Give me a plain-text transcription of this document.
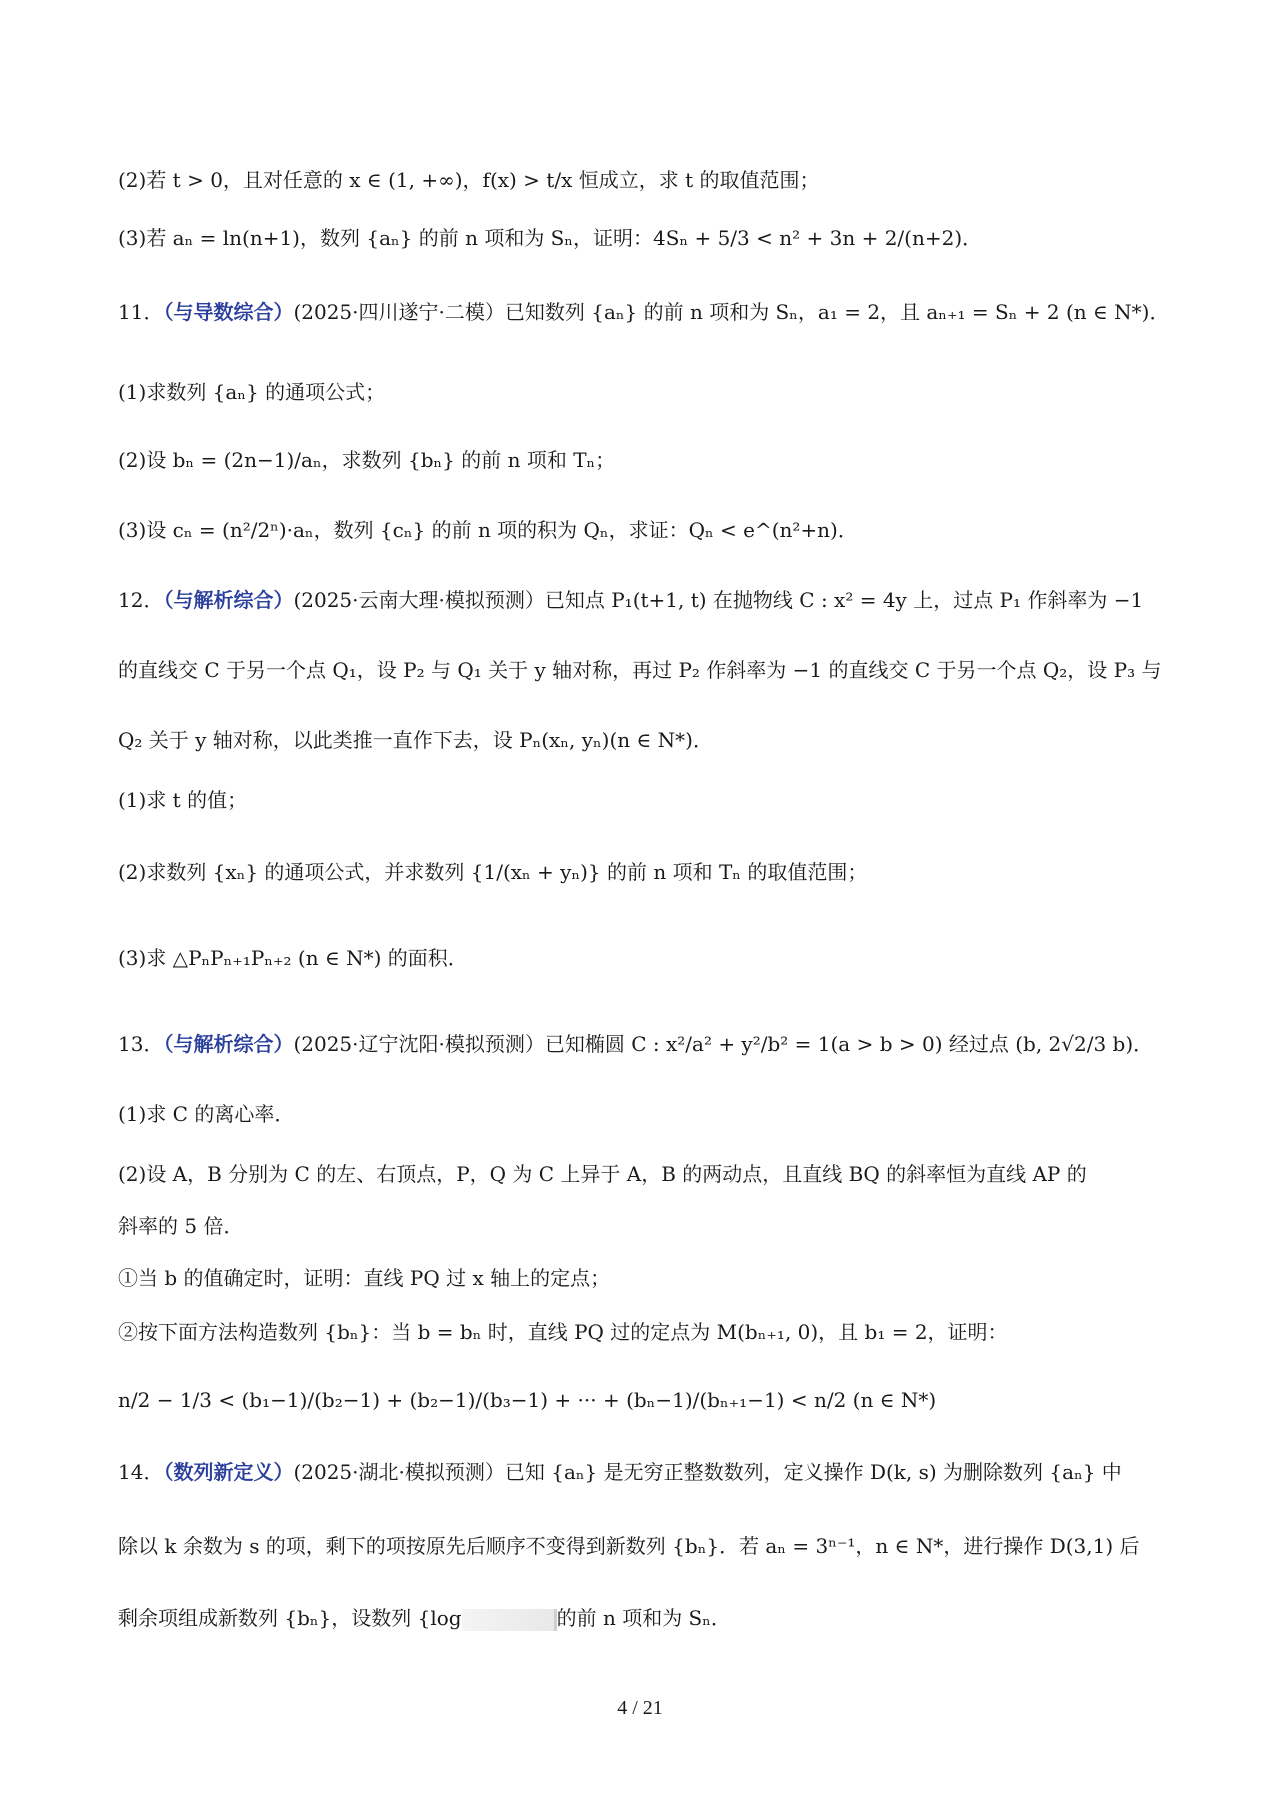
(2)若 t > 0，且对任意的 x ∈ (1, +∞)，f(x) > t/x 恒成立，求 t 的取值范围；
(3)若 aₙ = ln(n+1)，数列 {aₙ} 的前 n 项和为 Sₙ，证明：4Sₙ + 5/3 < n² + 3n + 2/(n+2)．
11．（与导数综合）(2025·四川遂宁·二模）已知数列 {aₙ} 的前 n 项和为 Sₙ，a₁ = 2，且 aₙ₊₁ = Sₙ + 2 (n ∈ N*)．
(1)求数列 {aₙ} 的通项公式；
(2)设 bₙ = (2n−1)/aₙ，求数列 {bₙ} 的前 n 项和 Tₙ；
(3)设 cₙ = (n²/2ⁿ)·aₙ，数列 {cₙ} 的前 n 项的积为 Qₙ，求证：Qₙ < e^(n²+n)．
12．（与解析综合）(2025·云南大理·模拟预测）已知点 P₁(t+1, t) 在抛物线 C : x² = 4y 上，过点 P₁ 作斜率为 −1
的直线交 C 于另一个点 Q₁，设 P₂ 与 Q₁ 关于 y 轴对称，再过 P₂ 作斜率为 −1 的直线交 C 于另一个点 Q₂，设 P₃ 与
Q₂ 关于 y 轴对称，以此类推一直作下去，设 Pₙ(xₙ, yₙ)(n ∈ N*)．
(1)求 t 的值；
(2)求数列 {xₙ} 的通项公式，并求数列 {1/(xₙ + yₙ)} 的前 n 项和 Tₙ 的取值范围；
(3)求 △PₙPₙ₊₁Pₙ₊₂ (n ∈ N*) 的面积．
13．（与解析综合）(2025·辽宁沈阳·模拟预测）已知椭圆 C : x²/a² + y²/b² = 1(a > b > 0) 经过点 (b, 2√2/3 b)．
(1)求 C 的离心率．
(2)设 A，B 分别为 C 的左、右顶点，P，Q 为 C 上异于 A，B 的两动点，且直线 BQ 的斜率恒为直线 AP 的
斜率的 5 倍．
①当 b 的值确定时，证明：直线 PQ 过 x 轴上的定点；
②按下面方法构造数列 {bₙ}：当 b = bₙ 时，直线 PQ 过的定点为 M(bₙ₊₁, 0)，且 b₁ = 2，证明：
n/2 − 1/3 < (b₁−1)/(b₂−1) + (b₂−1)/(b₃−1) + ··· + (bₙ−1)/(bₙ₊₁−1) < n/2 (n ∈ N*)
14．（数列新定义）(2025·湖北·模拟预测）已知 {aₙ} 是无穷正整数数列，定义操作 D(k, s) 为删除数列 {aₙ} 中
除以 k 余数为 s 的项，剩下的项按原先后顺序不变得到新数列 {bₙ}．若 aₙ = 3ⁿ⁻¹，n ∈ N*，进行操作 D(3,1) 后
剩余项组成新数列 {bₙ}，设数列 {log	的前 n 项和为 Sₙ．
4 / 21
